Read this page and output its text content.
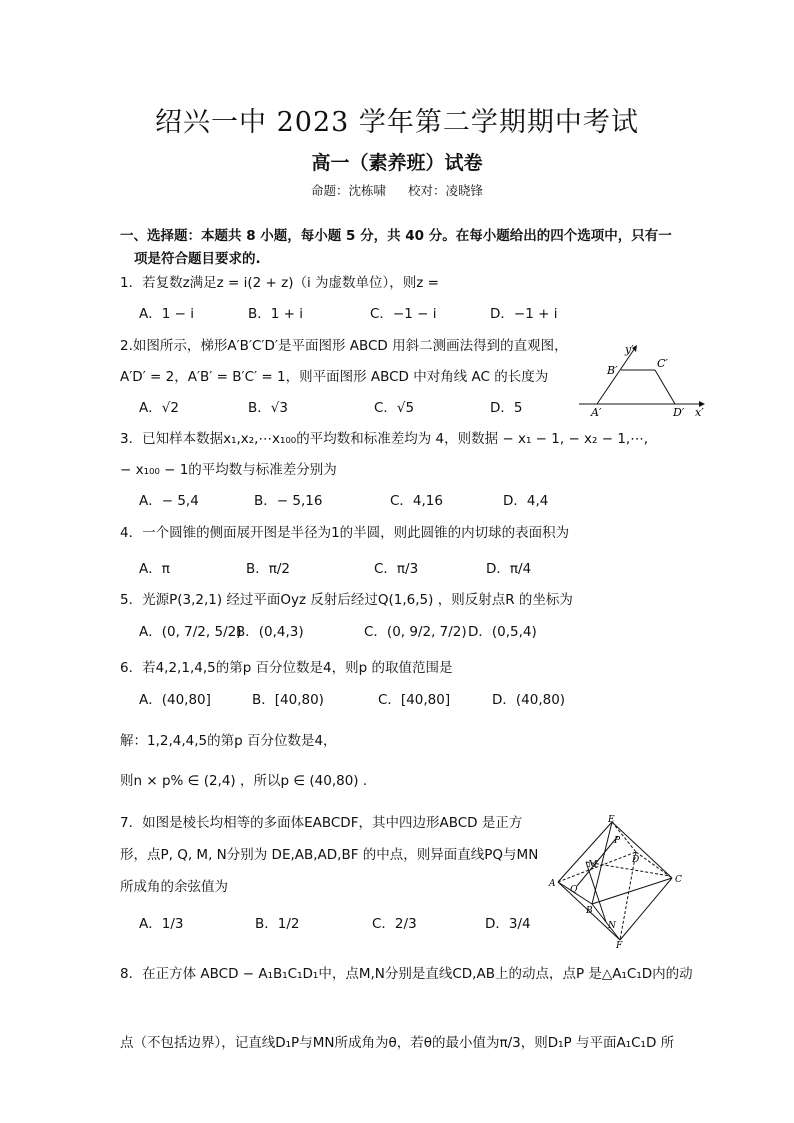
绍兴一中 2023 学年第二学期期中考试
高一（素养班）试卷
命题：沈栋啸 校对：凌晓锋
一、选择题：本题共 8 小题，每小题 5 分，共 40 分。在每小题给出的四个选项中，只有一
项是符合题目要求的.
1．若复数z满足z = i(2 + z)（i 为虚数单位），则z =
A．1 − i	B．1 + i	C．−1 − i	D．−1 + i
2.如图所示，梯形A′B′C′D′是平面图形 ABCD 用斜二测画法得到的直观图，
A′D′ = 2，A′B′ = B′C′ = 1，则平面图形 ABCD 中对角线 AC 的长度为
A．√2	B．√3	C．√5	D．5
y′
B′
C′
A′	D′ x′
3．已知样本数据x₁,x₂,⋯x₁₀₀的平均数和标准差均为 4，则数据 − x₁ − 1, − x₂ − 1,⋯,
− x₁₀₀ − 1的平均数与标准差分别为
A．− 5,4	B．− 5,16	C．4,16	D．4,4
4．一个圆锥的侧面展开图是半径为1的半圆，则此圆锥的内切球的表面积为
A．π	B．π/2	C．π/3	D．π/4
5．光源P(3,2,1) 经过平面Oyz 反射后经过Q(1,6,5) ，则反射点R 的坐标为
A．(0, 7/2, 5/2)
B．(0,4,3)	C．(0, 9/2, 7/2) D．(0,5,4)
6．若4,2,1,4,5的第p 百分位数是4，则p 的取值范围是
A．(40,80]	B．[40,80)	C．[40,80]	D．(40,80)
解：1,2,4,4,5的第p 百分位数是4，
则n × p% ∈ (2,4) ，所以p ∈ (40,80) .
7．如图是棱长均相等的多面体EABCDF，其中四边形ABCD 是正方
形，点P, Q, M, N分别为 DE,AB,AD,BF 的中点，则异面直线PQ与MN
所成角的余弦值为
A．1/3	B．1/2	C．2/3	D．3/4
E
P
M	D
A
Q
C
B
N
F
8．在正方体 ABCD − A₁B₁C₁D₁中，点M,N分别是直线CD,AB上的动点，点P 是△A₁C₁D内的动
点（不包括边界），记直线D₁P与MN所成角为θ，若θ的最小值为π/3，则D₁P 与平面A₁C₁D 所
